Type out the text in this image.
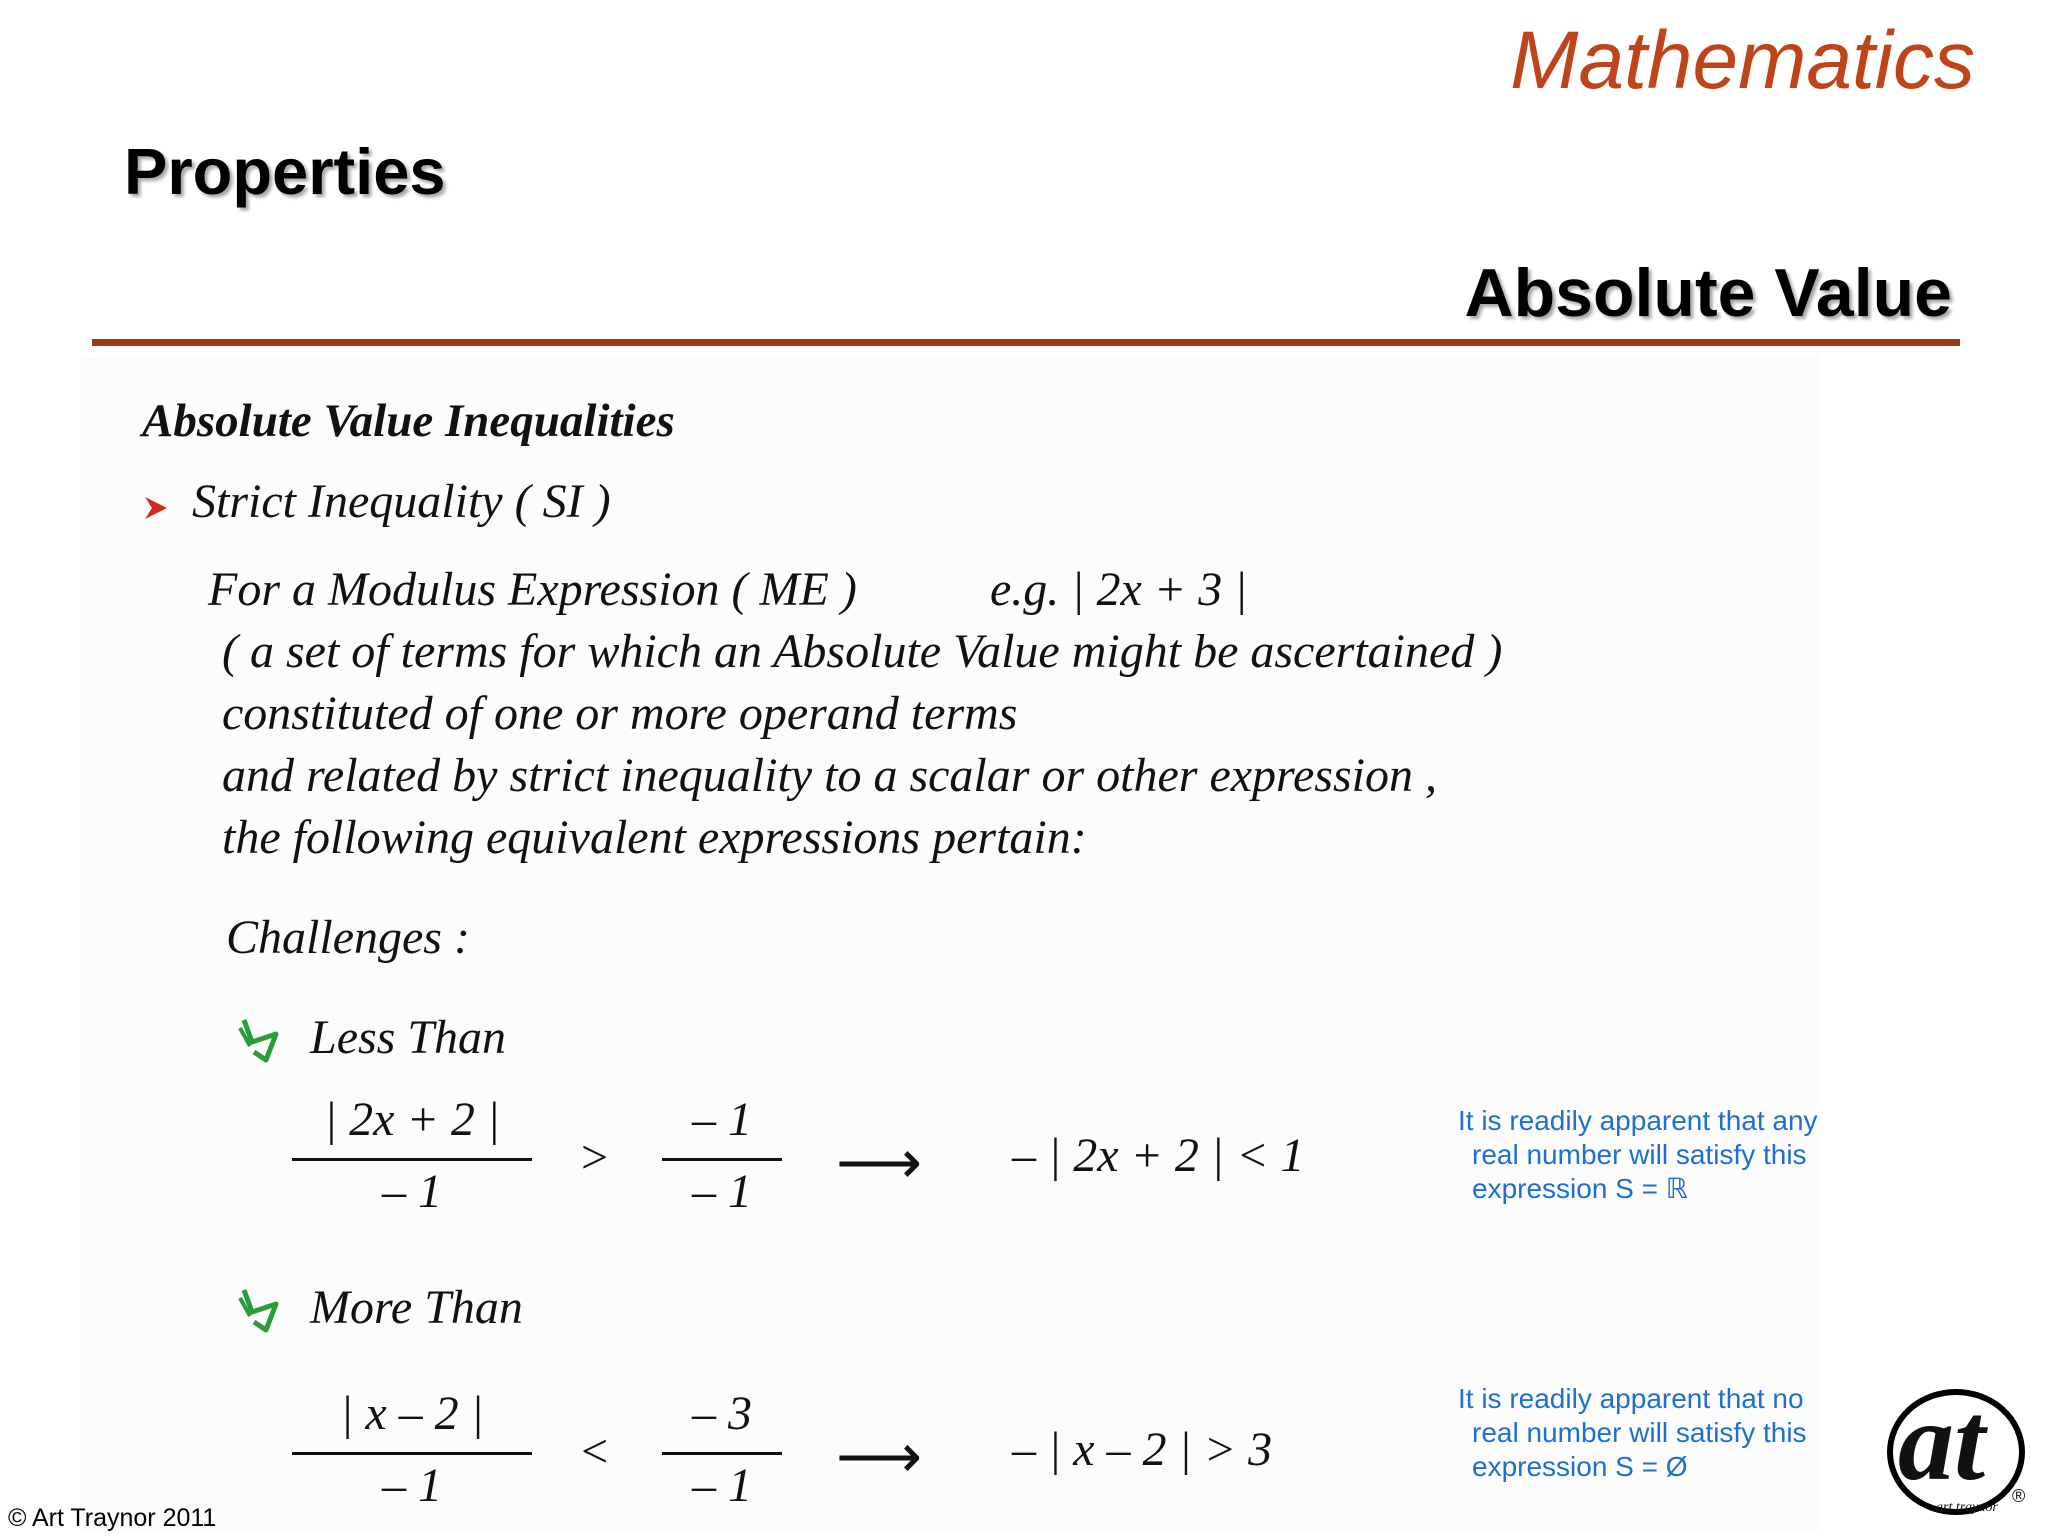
Mathematics
Properties
Absolute Value
Absolute Value Inequalities
Strict Inequality ( SI )
For a Modulus Expression ( ME )	e.g. | 2x + 3 |
( a set of terms for which an Absolute Value might be ascertained )
constituted of one or more operand terms
and related by strict inequality to a scalar or other expression ,
the following equivalent expressions pertain:
Challenges :
Less Than
| 2x + 2 |
– 1
>
– 1
– 1	⟶ – | 2x + 2 | < 1
It is readily apparent that any
real number will satisfy this
expression S = ℝ
More Than
| x – 2 |
– 1
<
– 3
– 1	⟶ – | x – 2 | > 3
It is readily apparent that no
real number will satisfy this
expression S = Ø at
art traynor
®
© Art Traynor 2011
